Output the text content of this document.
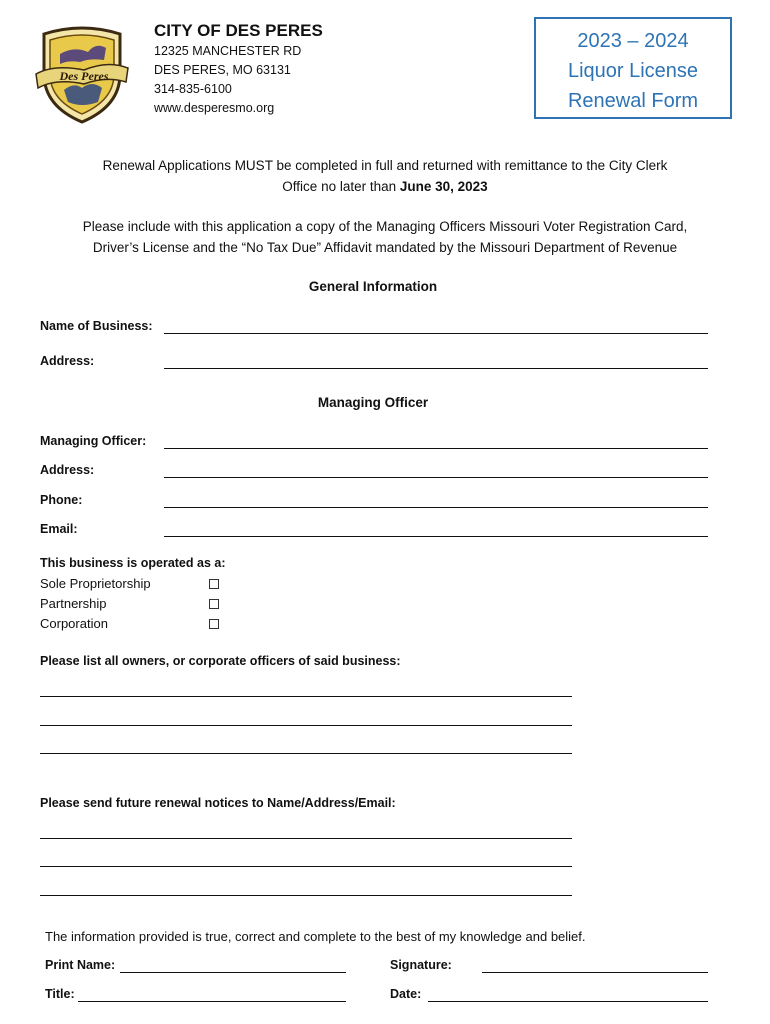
Des Peres
CITY OF DES PERES
12325 MANCHESTER RD
DES PERES, MO 63131
314-835-6100
www.desperesmo.org
2023 – 2024
Liquor License
Renewal Form
Renewal Applications MUST be completed in full and returned with remittance to the City Clerk
Office no later than June 30, 2023
Please include with this application a copy of the Managing Officers Missouri Voter Registration Card,
Driver’s License and the “No Tax Due” Affidavit mandated by the Missouri Department of Revenue
General Information
Name of Business:
Address:
Managing Officer
Managing Officer:
Address:
Phone:
Email:
This business is operated as a:
Sole Proprietorship
Partnership
Corporation
Please list all owners, or corporate officers of said business:
Please send future renewal notices to Name/Address/Email:
The information provided is true, correct and complete to the best of my knowledge and belief.
Print Name:	Signature:
Title:	Date:
